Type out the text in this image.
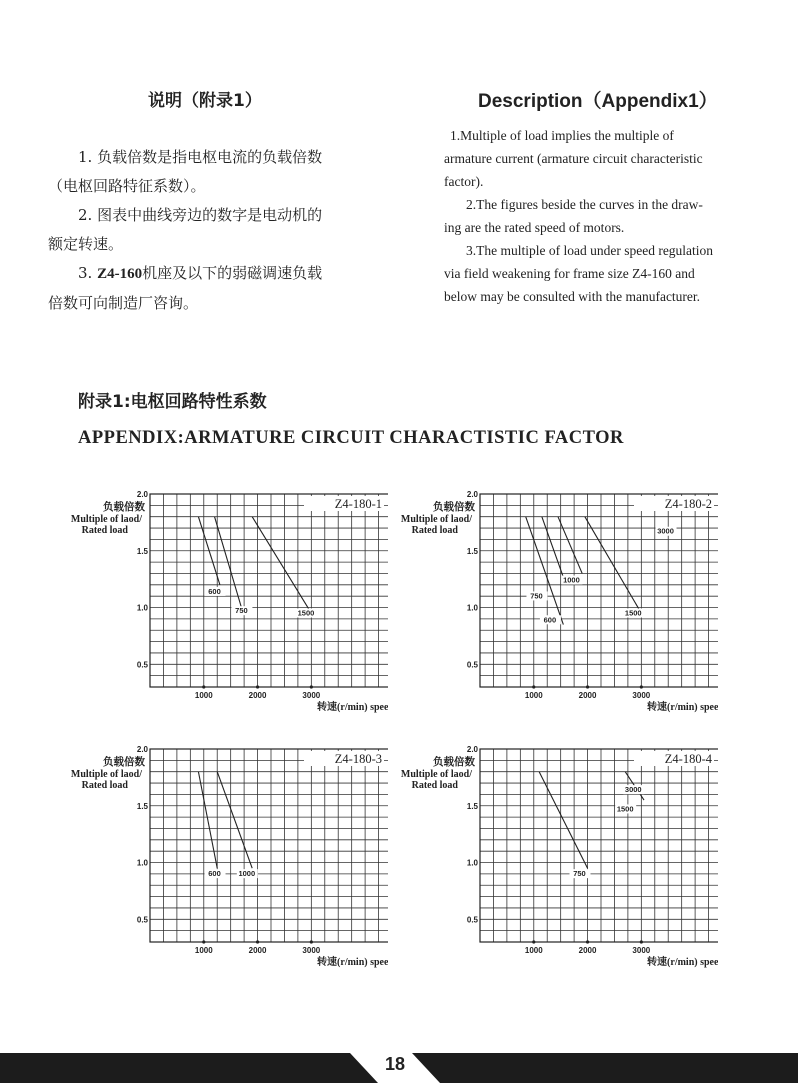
说明（附录1）
1. 负载倍数是指电枢电流的负载倍数
（电枢回路特征系数）。
2. 图表中曲线旁边的数字是电动机的
额定转速。
3. Z4-160机座及以下的弱磁调速负载
倍数可向制造厂咨询。
Description（Appendix1）
1.Multiple of load implies the multiple of
armature current (armature circuit characteristic
factor).
2.The figures beside the curves in the draw-
ing are the rated speed of motors.
3.The multiple of load under speed regulation
via field weakening for frame size Z4-160 and
below may be consulted with the manufacturer.
附录1:电枢回路特性系数
APPENDIX:ARMATURE CIRCUIT CHARACTISTIC FACTOR
2.0
1.5
1.0
0.5
1000	2000	3000
Z4-180-1
负载倍数
Multiple of laod/
Rated load
转速(r/min) speed
600
750	1500
2.0
1.5
1.0
0.5
1000	2000	3000
Z4-180-2
负载倍数
Multiple of laod/
Rated load
转速(r/min) speed
600
750
1000
1500
3000
2.0
1.5
1.0
0.5
1000	2000	3000
Z4-180-3
负载倍数
Multiple of laod/
Rated load
转速(r/min) speed
600 1000
2.0
1.5
1.0
0.5
1000	2000	3000
Z4-180-4
负载倍数
Multiple of laod/
Rated load
转速(r/min) speed
750
1500
3000
18
